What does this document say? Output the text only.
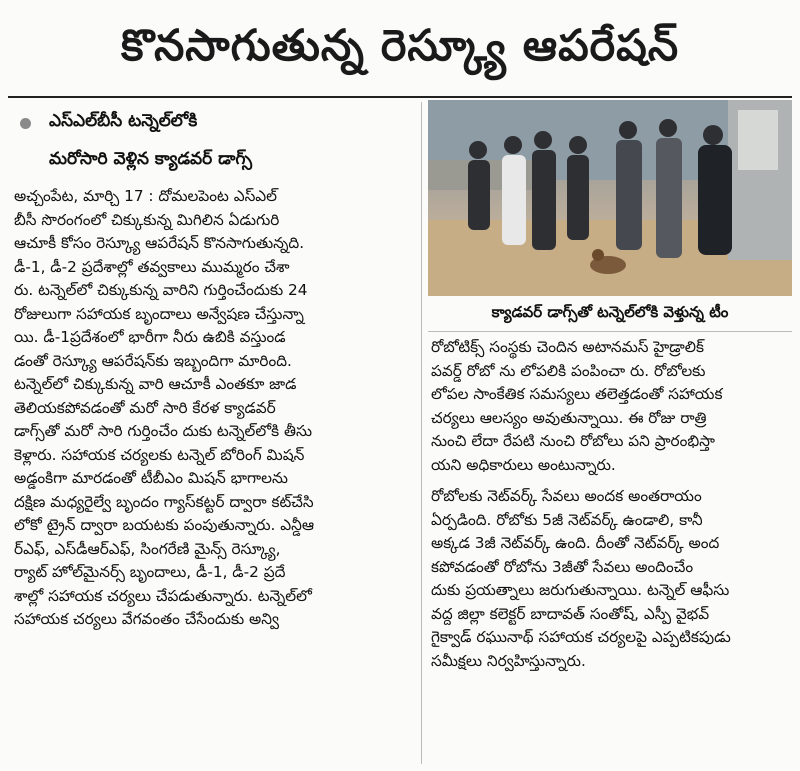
కొనసాగుతున్న రెస్క్యూ ఆపరేషన్
ఎస్ఎల్‌బీసీ టన్నెల్‌లోకి
మరోసారి వెళ్లిన క్యాడవర్ డాగ్స్
అచ్చంపేట, మార్చి 17 : దోమలపెంట ఎస్ఎల్
బీసీ సొరంగంలో చిక్కుకున్న మిగిలిన ఏడుగురి
ఆచూకీ కోసం రెస్క్యూ ఆపరేషన్ కొనసాగుతున్నది.
డీ-1, డీ-2 ప్రదేశాల్లో తవ్వకాలు ముమ్మరం చేశా
రు. టన్నెల్‌లో చిక్కుకున్న వారిని గుర్తించేందుకు 24
రోజులుగా సహాయక బృందాలు అన్వేషణ చేస్తున్నా
యి. డీ-1ప్రదేశంలో భారీగా నీరు ఉబికి వస్తుండ
డంతో రెస్క్యూ ఆపరేషన్‌కు ఇబ్బందిగా మారింది.
టన్నెల్‌లో చిక్కుకున్న వారి ఆచూకీ ఎంతకూ జాడ
తెలియకపోవడంతో మరో సారి కేరళ క్యాడవర్
డాగ్స్‌తో మరో సారి గుర్తించేం దుకు టన్నెల్‌లోకి తీసు
కెళ్లారు. సహాయక చర్యలకు టన్నెల్ బోరింగ్ మిషన్
అడ్డంకిగా మారడంతో టీబీఎం మిషన్ భాగాలను
దక్షిణ మధ్యరైల్వే బృందం గ్యాస్‌కట్టర్ ద్వారా కట్‌చేసి
లోకో ట్రైన్ ద్వారా బయటకు పంపుతున్నారు. ఎన్డీఆ
ర్ఎఫ్, ఎస్‌డీఆర్ఎఫ్, సింగరేణి మైన్స్ రెస్క్యూ,
ర్యాట్ హోల్‌మైనర్స్ బృందాలు, డీ-1, డీ-2 ప్రదే
శాల్లో సహాయక చర్యలు చేపడుతున్నారు. టన్నెల్‌లో
సహాయక చర్యలు వేగవంతం చేసేందుకు అన్వి
క్యాడవర్ డాగ్స్‌తో టన్నెల్‌లోకి వెళ్తున్న టీం

రోబోటిక్స్ సంస్థకు చెందిన అటానమస్ హైడ్రాలిక్
పవర్డ్ రోబో ను లోపలికి పంపించా రు. రోబోలకు
లోపల సాంకేతిక సమస్యలు తలెత్తడంతో సహాయక
చర్యలు ఆలస్యం అవుతున్నాయి. ఈ రోజు రాత్రి
నుంచి లేదా రేపటి నుంచి రోబోలు పని ప్రారంభిస్తా
యని అధికారులు అంటున్నారు.

రోబోలకు నెట్‌వర్క్ సేవలు అందక అంతరాయం
ఏర్పడింది. రోబోకు 5జీ నెట్‌వర్క్ ఉండాలి, కానీ
అక్కడ 3జీ నెట్‌వర్క్ ఉంది. దీంతో నెట్‌వర్క్ అంద
కపోవడంతో రోబోను 3జీతో సేవలు అందించేం
దుకు ప్రయత్నాలు జరుగుతున్నాయి. టన్నెల్ ఆఫీసు
వద్ద జిల్లా కలెక్టర్ బాదావత్ సంతోష్, ఎస్పీ వైభవ్
గైక్వాడ్ రఘునాథ్ సహాయక చర్యలపై ఎప్పటికపుడు
సమీక్షలు నిర్వహిస్తున్నారు.
